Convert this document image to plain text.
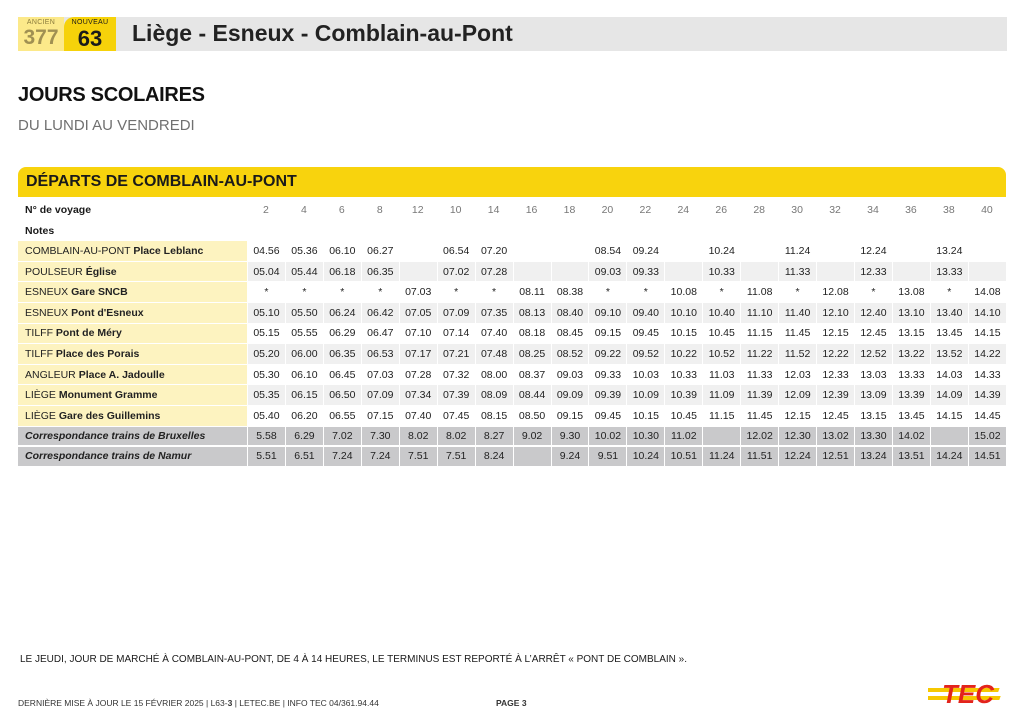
ANCIEN
377
NOUVEAU
63	Liège - Esneux - Comblain-au-Pont
JOURS SCOLAIRES
DU LUNDI AU VENDREDI
DÉPARTS DE COMBLAIN-AU-PONT
N° de voyage	2	4	6	8	12	10	14	16	18	20	22	24	26	28	30	32	34	36	38	40
Notes																				
COMBLAIN-AU-PONT Place Leblanc	04.56	05.36	06.10	06.27		06.54	07.20			08.54	09.24		10.24		11.24		12.24		13.24	
POULSEUR Église	05.04	05.44	06.18	06.35		07.02	07.28			09.03	09.33		10.33		11.33		12.33		13.33	
ESNEUX Gare SNCB	*	*	*	*	07.03	*	*	08.11	08.38	*	*	10.08	*	11.08	*	12.08	*	13.08	*	14.08
ESNEUX Pont d'Esneux	05.10	05.50	06.24	06.42	07.05	07.09	07.35	08.13	08.40	09.10	09.40	10.10	10.40	11.10	11.40	12.10	12.40	13.10	13.40	14.10
TILFF Pont de Méry	05.15	05.55	06.29	06.47	07.10	07.14	07.40	08.18	08.45	09.15	09.45	10.15	10.45	11.15	11.45	12.15	12.45	13.15	13.45	14.15
TILFF Place des Porais	05.20	06.00	06.35	06.53	07.17	07.21	07.48	08.25	08.52	09.22	09.52	10.22	10.52	11.22	11.52	12.22	12.52	13.22	13.52	14.22
ANGLEUR Place A. Jadoulle	05.30	06.10	06.45	07.03	07.28	07.32	08.00	08.37	09.03	09.33	10.03	10.33	11.03	11.33	12.03	12.33	13.03	13.33	14.03	14.33
LIÈGE Monument Gramme	05.35	06.15	06.50	07.09	07.34	07.39	08.09	08.44	09.09	09.39	10.09	10.39	11.09	11.39	12.09	12.39	13.09	13.39	14.09	14.39
LIÈGE Gare des Guillemins	05.40	06.20	06.55	07.15	07.40	07.45	08.15	08.50	09.15	09.45	10.15	10.45	11.15	11.45	12.15	12.45	13.15	13.45	14.15	14.45
Correspondance trains de Bruxelles	5.58	6.29	7.02	7.30	8.02	8.02	8.27	9.02	9.30	10.02	10.30	11.02		12.02	12.30	13.02	13.30	14.02		15.02
Correspondance trains de Namur	5.51	6.51	7.24	7.24	7.51	7.51	8.24		9.24	9.51	10.24	10.51	11.24	11.51	12.24	12.51	13.24	13.51	14.24	14.51
LE JEUDI, JOUR DE MARCHÉ À COMBLAIN-AU-PONT, DE 4 À 14 HEURES, LE TERMINUS EST REPORTÉ À L’ARRÊT « PONT DE COMBLAIN ».
DERNIÈRE MISE À JOUR LE 15 FÉVRIER 2025 | L63-3 | LETEC.BE | INFO TEC 04/361.94.44	PAGE 3	TEC
